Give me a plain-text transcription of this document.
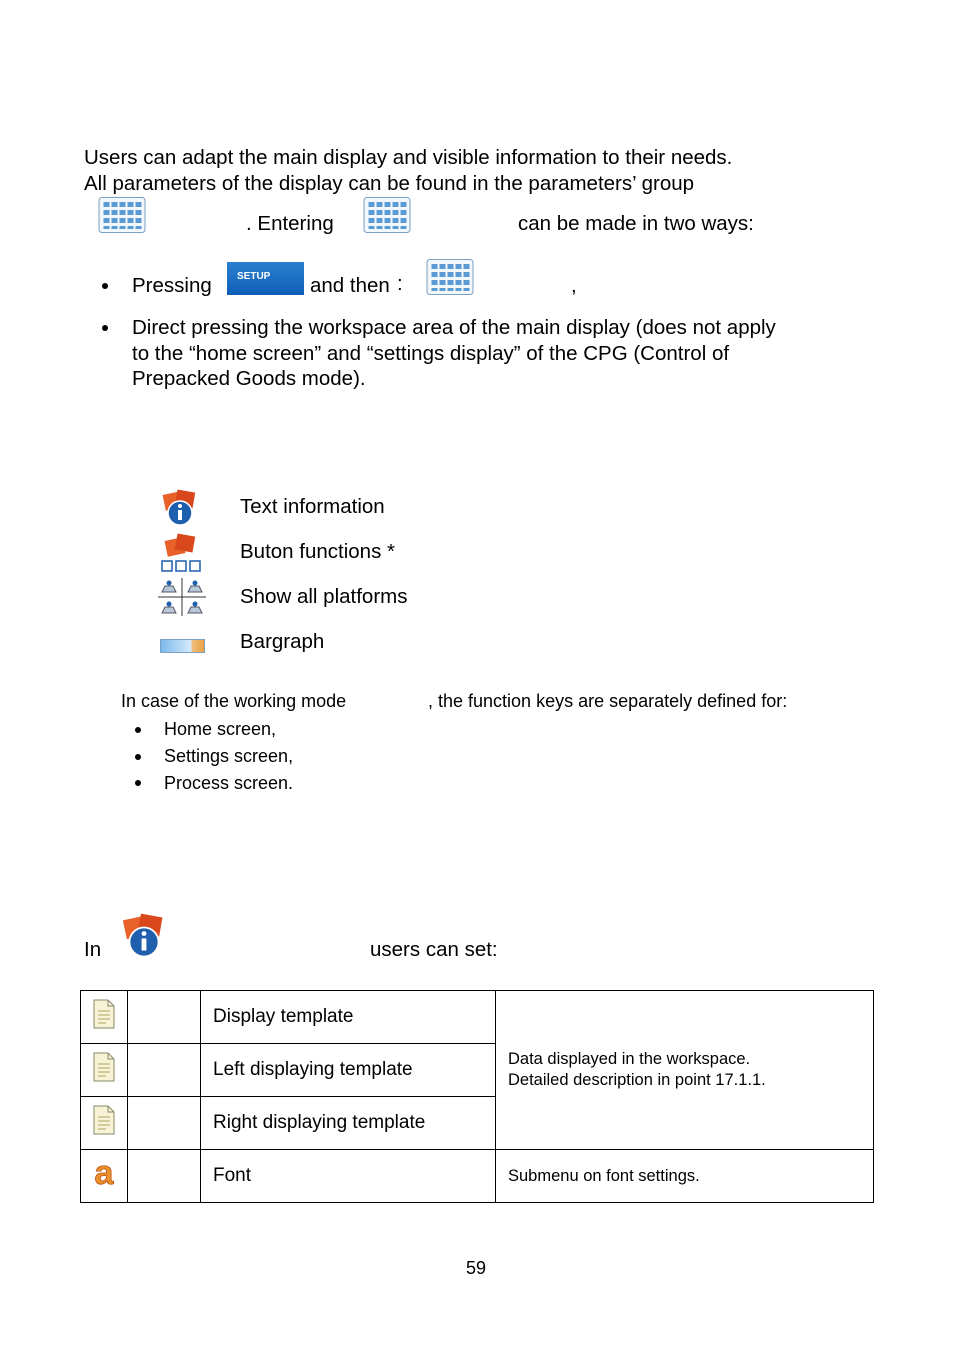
Users can adapt the main display and visible information to their needs.
All parameters of the display can be found in the parameters’ group
. Entering	can be made in two ways:
Pressing	SETUP	and then :	,
Direct pressing the workspace area of the main display (does not apply
to the “home screen” and “settings display” of the CPG (Control of
Prepacked Goods mode).
Text information
Buton functions *
Show all platforms
Bargraph
In case of the working mode	, the function keys are separately defined for:
Home screen,
Settings screen,
Process screen.
In	users can set:
		Display template	Data displayed in the workspace.
Detailed description in point 17.1.1.

		Left displaying template	
		Right displaying template	

a		Font	Submenu on font settings.
59
